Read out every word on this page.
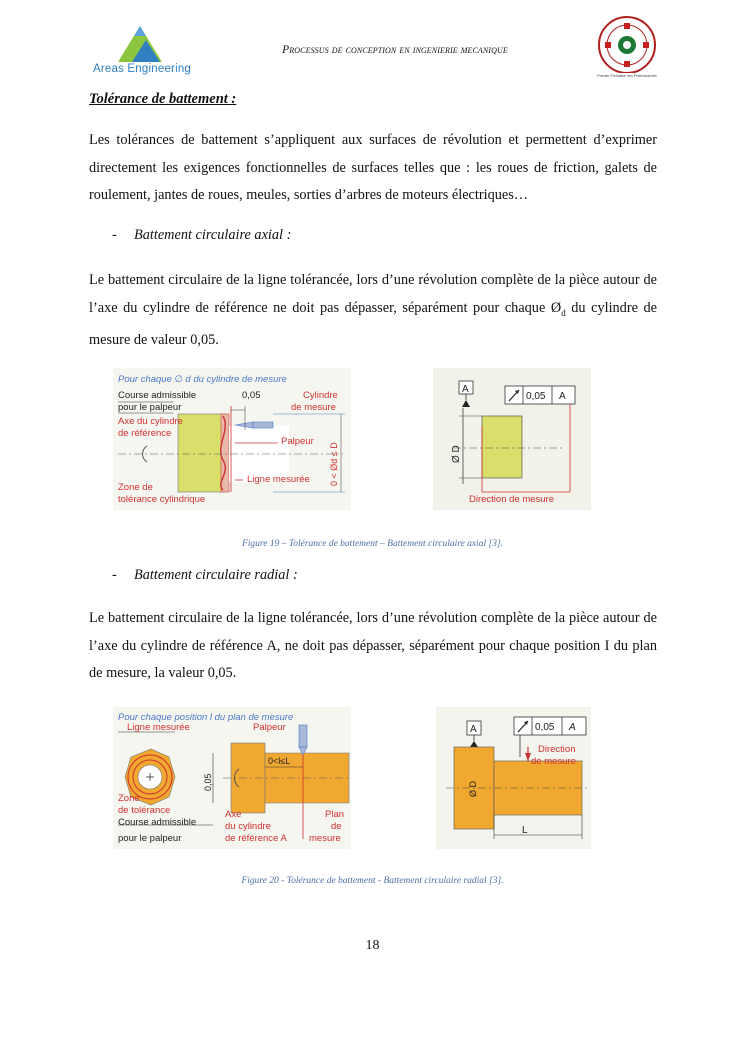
Areas Engineering
Processus de conception en ingenierie mecanique
Premier Formation des Professionnels
Tolérance de battement :
Les tolérances de battement s’appliquent aux surfaces de révolution et permettent d’exprimer directement les exigences fonctionnelles de surfaces telles que : les roues de friction, galets de roulement, jantes de roues, meules, sorties d’arbres de moteurs électriques…
- Battement circulaire axial :
Le battement circulaire de la ligne tolérancée, lors d’une révolution complète de la pièce autour de l’axe du cylindre de référence ne doit pas dépasser, séparément pour chaque $Ø_d$ du cylindre de mesure de valeur 0,05.
Pour chaque ∅ d du cylindre de mesure
Course admissible
pour le palpeur
Axe du cylindre
de référence
0,05	Cylindre
de mesure
Palpeur
Ligne mesurée
Zone de
tolérance cylindrique
0 < Ød ≤ D
A
0,05 A
Ø D
Direction de mesure
Figure 19 – Tolérance de battement – Battement circulaire axial [3].
- Battement circulaire radial :
Le battement circulaire de la ligne tolérancée, lors d’une révolution complète de la pièce autour de l’axe du cylindre de référence A, ne doit pas dépasser, séparément pour chaque position I du plan de mesure, la valeur 0,05.
Pour chaque position l du plan de mesure
Ligne mesurée	Palpeur
0,05
0<l≤L
Zone
de tolérance
Course admissible
pour le palpeur
Axe
du cylindre
de référence A
Plan
de
mesure
A	0,05 A
L
Ø D
Direction
de mesure
Figure 20 - Tolérance de battement - Battement circulaire radial [3].
18
